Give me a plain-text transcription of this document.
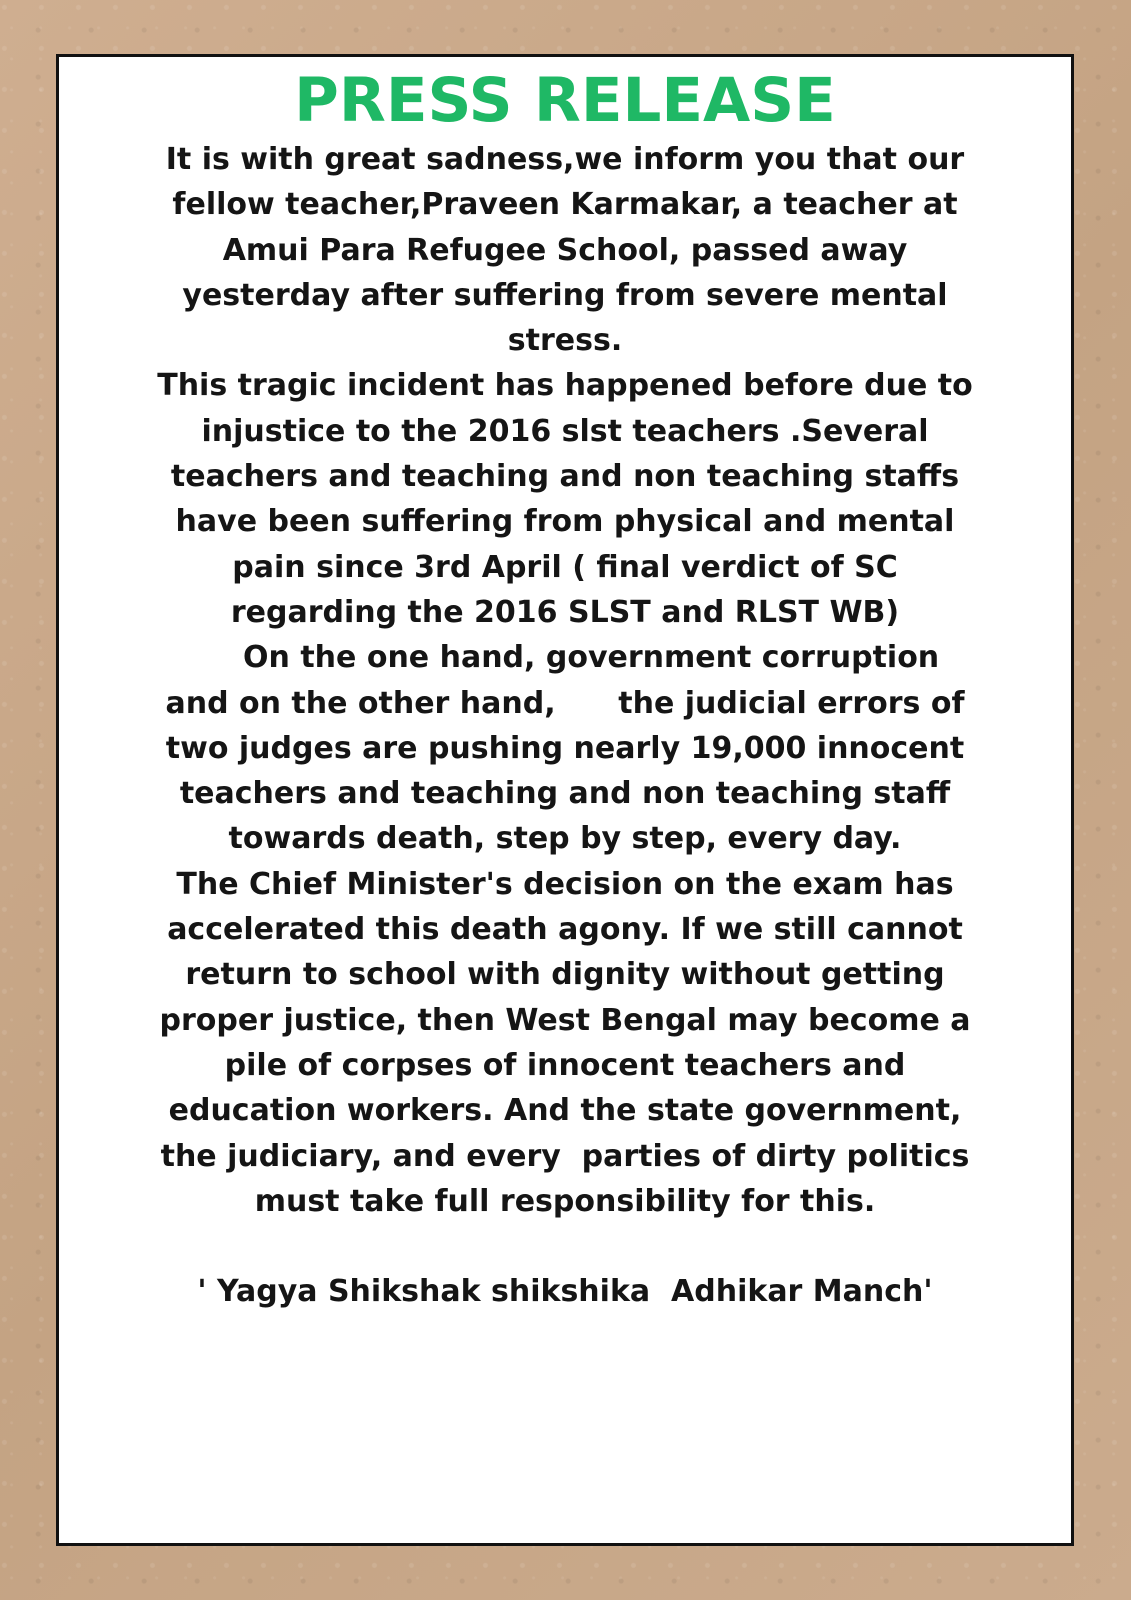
PRESS RELEASE
It is with great sadness,we inform you that our
fellow teacher,Praveen Karmakar, a teacher at
Amui Para Refugee School, passed away
yesterday after suffering from severe mental
stress.
This tragic incident has happened before due to
injustice to the 2016 slst teachers .Several
teachers and teaching and non teaching staffs
have been suffering from physical and mental
pain since 3rd April ( final verdict of SC
regarding the 2016 SLST and RLST WB)
On the one hand, government corruption
and on the other hand,      the judicial errors of
two judges are pushing nearly 19,000 innocent
teachers and teaching and non teaching staff
towards death, step by step, every day.
The Chief Minister's decision on the exam has
accelerated this death agony. If we still cannot
return to school with dignity without getting
proper justice, then West Bengal may become a
pile of corpses of innocent teachers and
education workers. And the state government,
the judiciary, and every  parties of dirty politics
must take full responsibility for this.
' Yagya Shikshak shikshika  Adhikar Manch'
